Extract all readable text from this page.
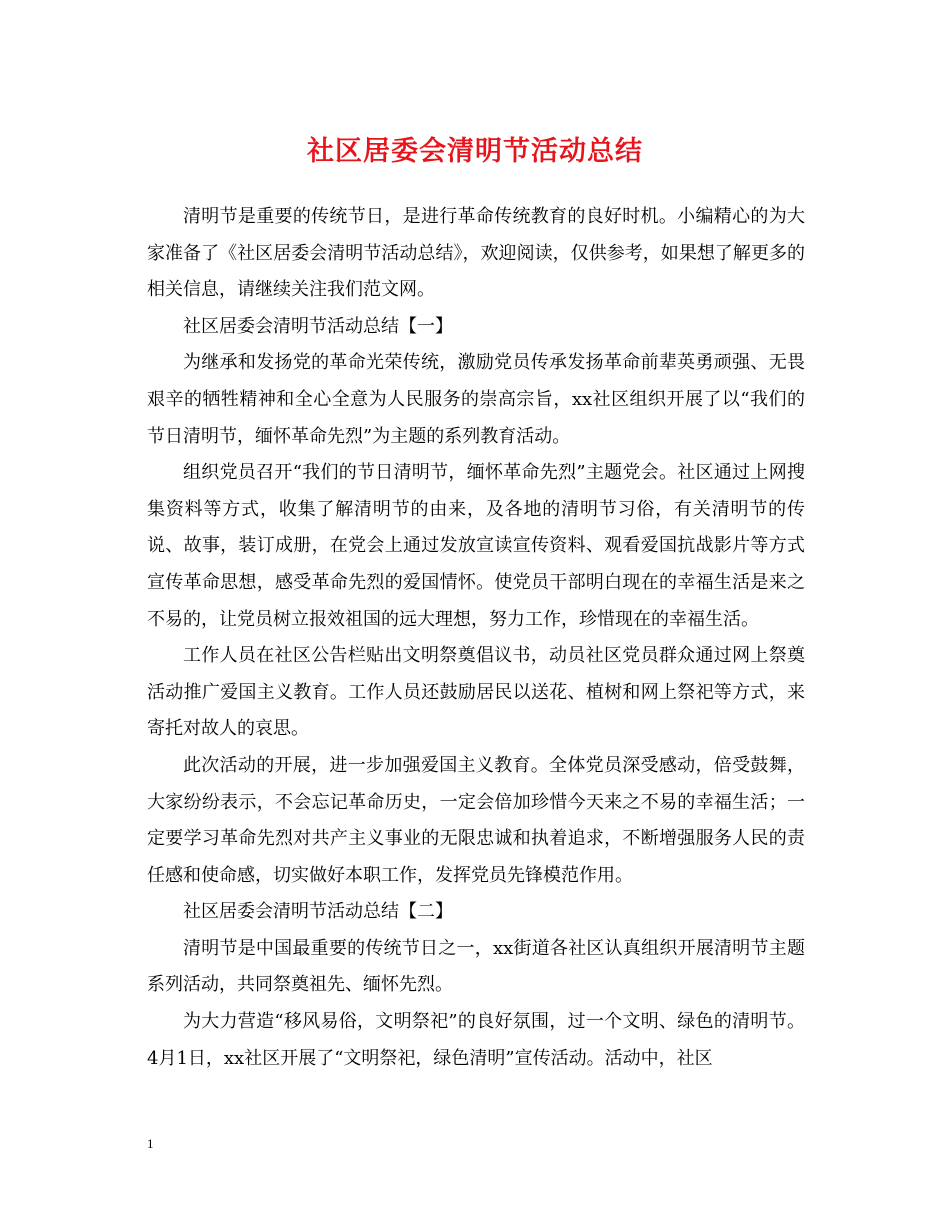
社区居委会清明节活动总结

清明节是重要的传统节日，是进行革命传统教育的良好时机。小编精心的为大家准备了《社区居委会清明节活动总结》，欢迎阅读，仅供参考，如果想了解更多的相关信息，请继续关注我们范文网。

社区居委会清明节活动总结【一】

为继承和发扬党的革命光荣传统，激励党员传承发扬革命前辈英勇顽强、无畏艰辛的牺牲精神和全心全意为人民服务的崇高宗旨，xx社区组织开展了以“我们的节日清明节，缅怀革命先烈”为主题的系列教育活动。

组织党员召开“我们的节日清明节，缅怀革命先烈”主题党会。社区通过上网搜集资料等方式，收集了解清明节的由来，及各地的清明节习俗，有关清明节的传说、故事，装订成册，在党会上通过发放宣读宣传资料、观看爱国抗战影片等方式宣传革命思想，感受革命先烈的爱国情怀。使党员干部明白现在的幸福生活是来之不易的，让党员树立报效祖国的远大理想，努力工作，珍惜现在的幸福生活。

工作人员在社区公告栏贴出文明祭奠倡议书，动员社区党员群众通过网上祭奠活动推广爱国主义教育。工作人员还鼓励居民以送花、植树和网上祭祀等方式，来寄托对故人的哀思。

此次活动的开展，进一步加强爱国主义教育。全体党员深受感动，倍受鼓舞，大家纷纷表示，不会忘记革命历史，一定会倍加珍惜今天来之不易的幸福生活；一定要学习革命先烈对共产主义事业的无限忠诚和执着追求，不断增强服务人民的责任感和使命感，切实做好本职工作，发挥党员先锋模范作用。

社区居委会清明节活动总结【二】

清明节是中国最重要的传统节日之一，xx街道各社区认真组织开展清明节主题系列活动，共同祭奠祖先、缅怀先烈。

为大力营造“移风易俗，文明祭祀”的良好氛围，过一个文明、绿色的清明节。4月1日，xx社区开展了“文明祭祀，绿色清明”宣传活动。活动中，社区

1
